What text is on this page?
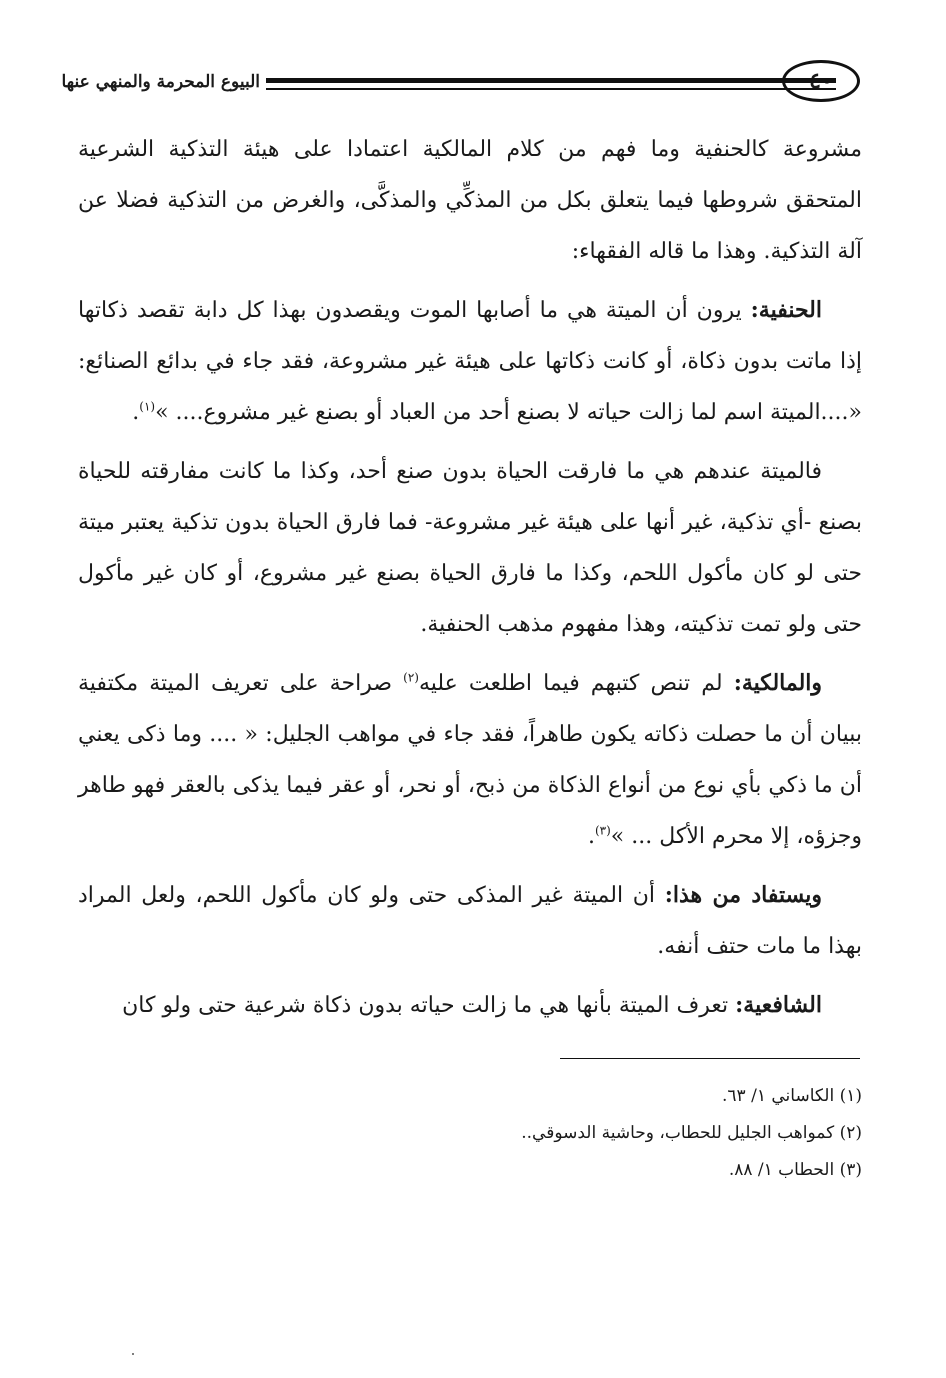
٤٠
البيوع المحرمة والمنهي عنها

مشروعة كالحنفية وما فهم من كلام المالكية اعتمادا على هيئة التذكية الشرعية المتحقق شروطها فيما يتعلق بكل من المذكِّي والمذكَّى، والغرض من التذكية فضلا عن آلة التذكية. وهذا ما قاله الفقهاء:

الحنفية: يرون أن الميتة هي ما أصابها الموت ويقصدون بهذا كل دابة تقصد ذكاتها إذا ماتت بدون ذكاة، أو كانت ذكاتها على هيئة غير مشروعة، فقد جاء في بدائع الصنائع: «....الميتة اسم لما زالت حياته لا بصنع أحد من العباد أو بصنع غير مشروع.... »$^{(١)}$.

فالميتة عندهم هي ما فارقت الحياة بدون صنع أحد، وكذا ما كانت مفارقته للحياة بصنع -أي تذكية، غير أنها على هيئة غير مشروعة- فما فارق الحياة بدون تذكية يعتبر ميتة حتى لو كان مأكول اللحم، وكذا ما فارق الحياة بصنع غير مشروع، أو كان غير مأكول حتى ولو تمت تذكيته، وهذا مفهوم مذهب الحنفية.

والمالكية: لم تنص كتبهم فيما اطلعت عليه$^{(٢)}$ صراحة على تعريف الميتة مكتفية ببيان أن ما حصلت ذكاته يكون طاهراً، فقد جاء في مواهب الجليل: « .... وما ذكى يعني أن ما ذكي بأي نوع من أنواع الذكاة من ذبح، أو نحر، أو عقر فيما يذكى بالعقر فهو طاهر وجزؤه، إلا محرم الأكل ... »$^{(٣)}$.

ويستفاد من هذا: أن الميتة غير المذكى حتى ولو كان مأكول اللحم، ولعل المراد بهذا ما مات حتف أنفه.

الشافعية: تعرف الميتة بأنها هي ما زالت حياته بدون ذكاة شرعية حتى ولو كان

(١) الكاساني ١/ ٦٣.

(٢) كمواهب الجليل للحطاب، وحاشية الدسوقي..

(٣) الحطاب ١/ ٨٨.
